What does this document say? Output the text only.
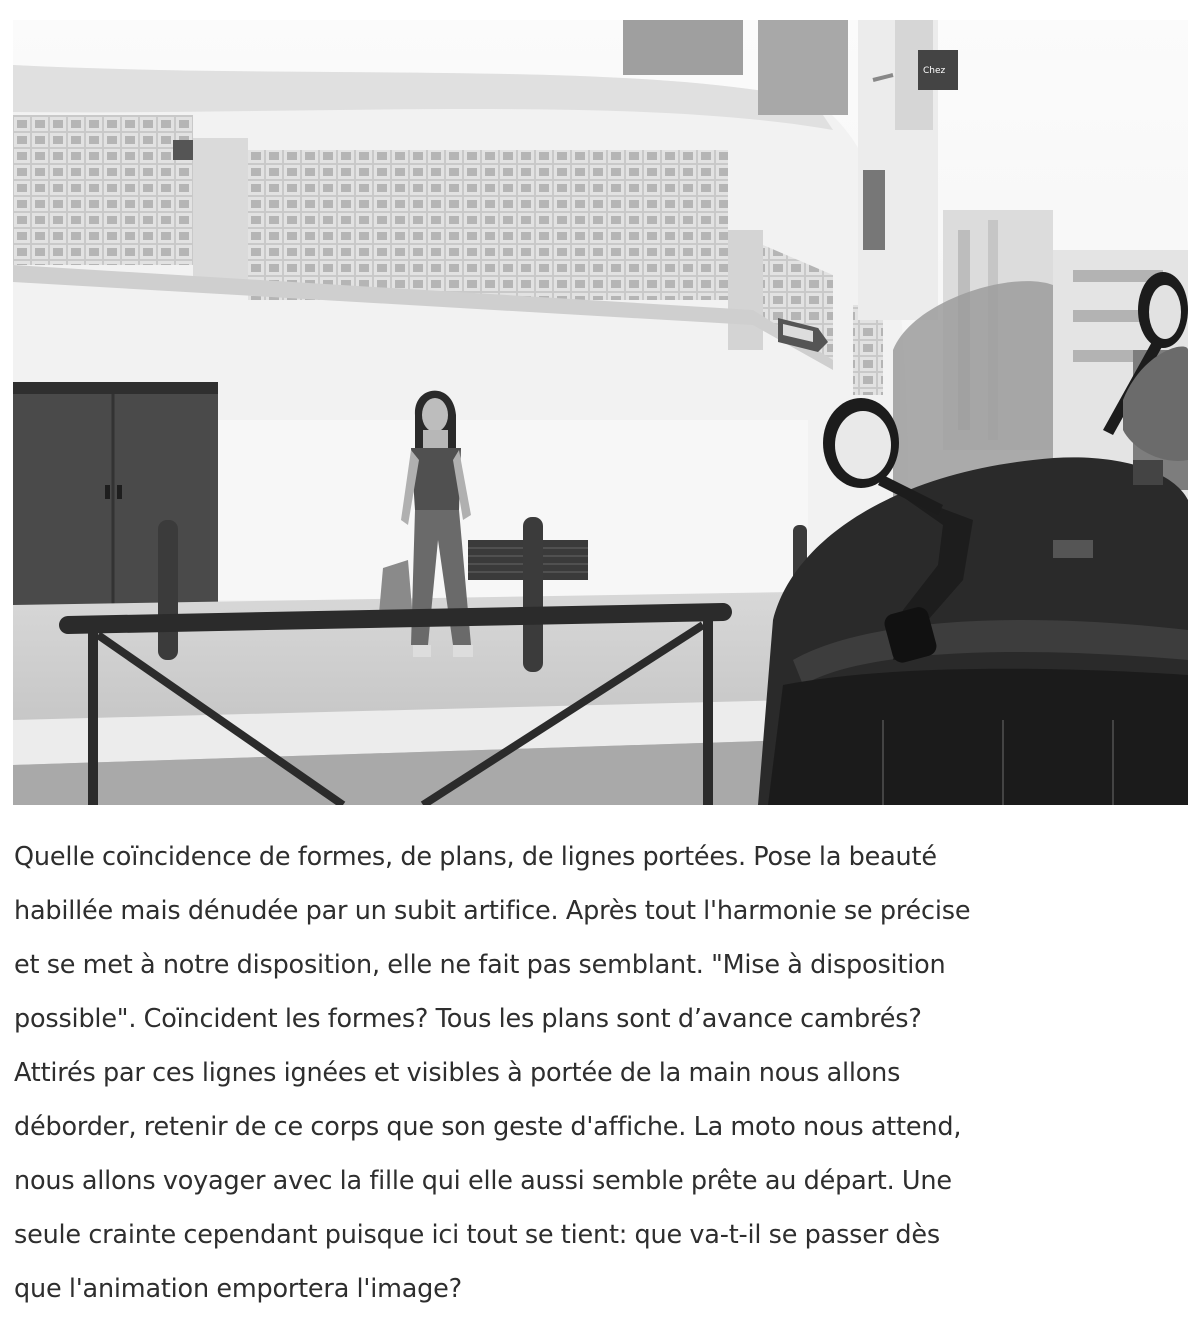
Chez

Quelle coïncidence de formes, de plans, de lignes portées. Pose la beauté
habillée mais dénudée par un subit artifice. Après tout l'harmonie se précise
et se met à notre disposition, elle ne fait pas semblant. "Mise à disposition
possible". Coïncident les formes? Tous les plans sont d’avance cambrés?
Attirés par ces lignes ignées et visibles à portée de la main nous allons
déborder, retenir de ce corps que son geste d'affiche. La moto nous attend,
nous allons voyager avec la fille qui elle aussi semble prête au départ. Une
seule crainte cependant puisque ici tout se tient: que va-t-il se passer dès
que l'animation emportera l'image?
